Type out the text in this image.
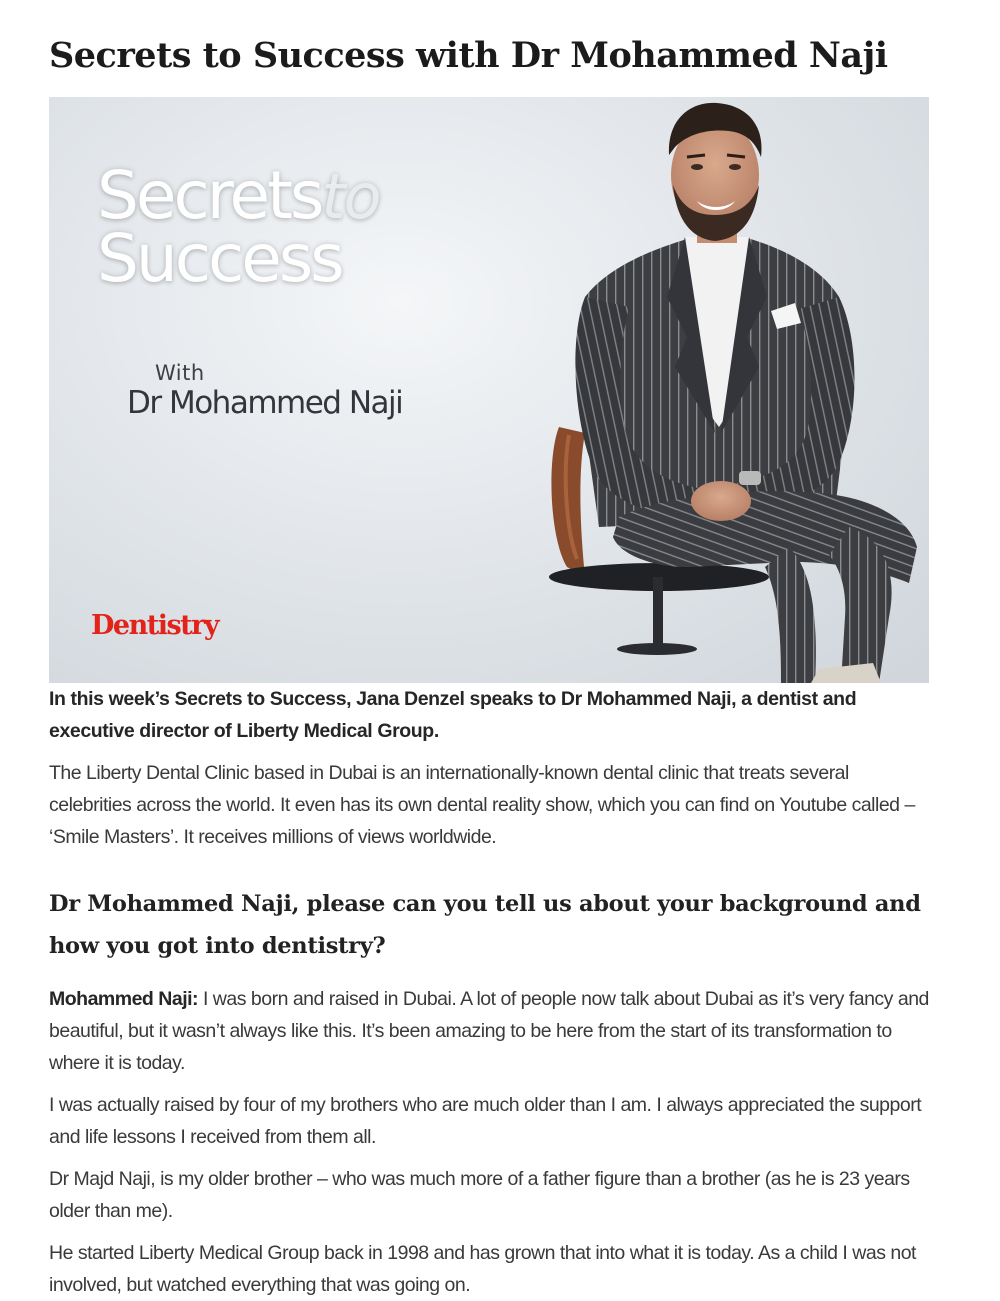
Secrets to Success with Dr Mohammed Naji
Secretsto
Success
With
Dr Mohammed Naji
Dentistry

In this week’s Secrets to Success, Jana Denzel speaks to Dr Mohammed Naji, a dentist and executive director of Liberty Medical Group.

The Liberty Dental Clinic based in Dubai is an internationally-known dental clinic that treats several celebrities across the world. It even has its own dental reality show, which you can find on Youtube called – ‘Smile Masters’. It receives millions of views worldwide.

Dr Mohammed Naji, please can you tell us about your background and how you got into dentistry?

Mohammed Naji: I was born and raised in Dubai. A lot of people now talk about Dubai as it’s very fancy and beautiful, but it wasn’t always like this. It’s been amazing to be here from the start of its transformation to where it is today.

I was actually raised by four of my brothers who are much older than I am. I always appreciated the support and life lessons I received from them all.

Dr Majd Naji, is my older brother – who was much more of a father figure than a brother (as he is 23 years older than me).

He started Liberty Medical Group back in 1998 and has grown that into what it is today. As a child I was not involved, but watched everything that was going on.
